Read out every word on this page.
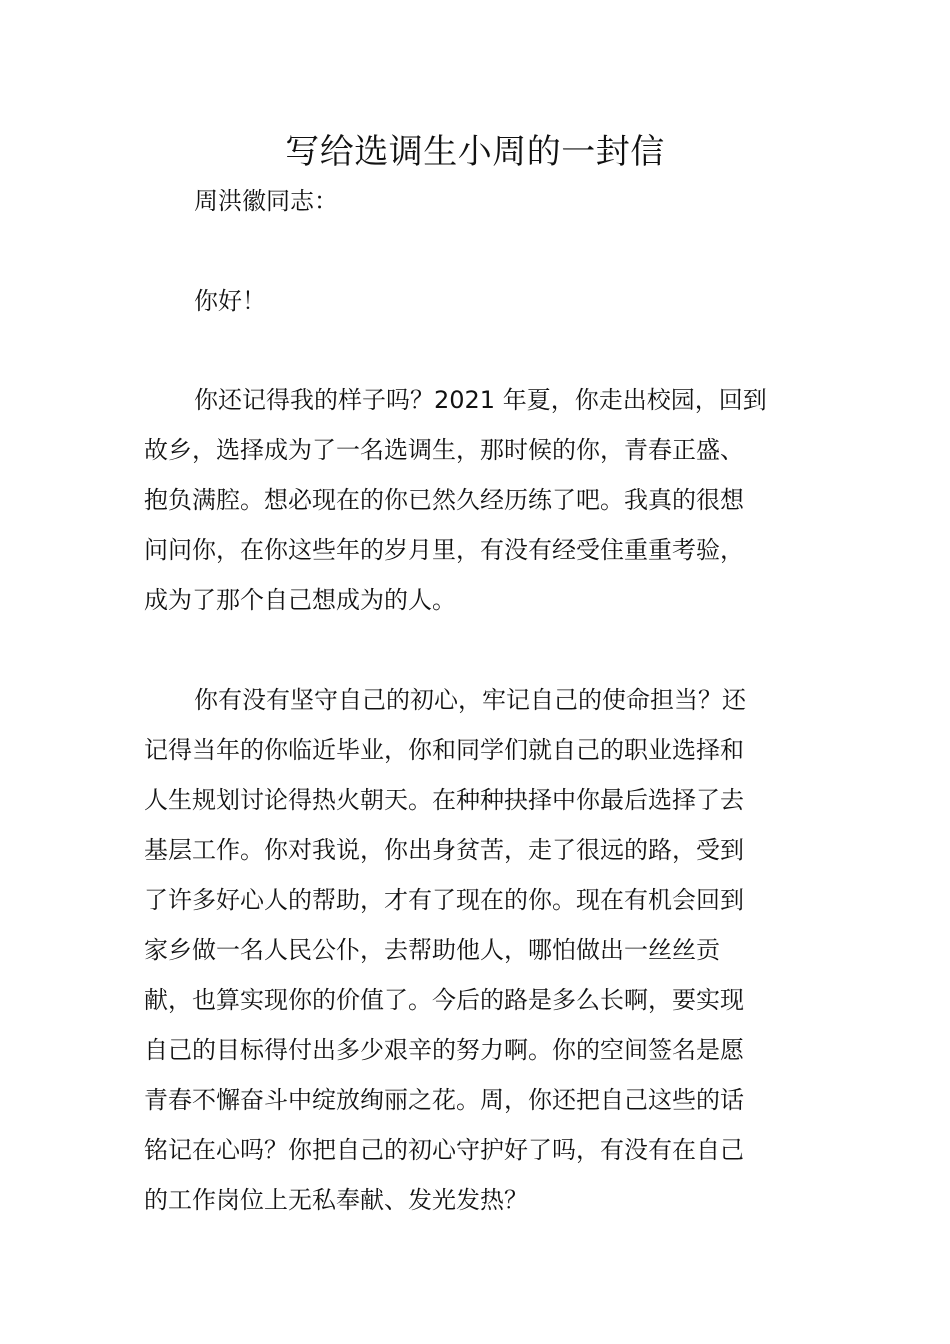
写给选调生小周的一封信

周洪徽同志：

你好！

你还记得我的样子吗？2021 年夏，你走出校园，回到
故乡，选择成为了一名选调生，那时候的你，青春正盛、
抱负满腔。想必现在的你已然久经历练了吧。我真的很想
问问你，在你这些年的岁月里，有没有经受住重重考验，
成为了那个自己想成为的人。
你有没有坚守自己的初心，牢记自己的使命担当？还
记得当年的你临近毕业，你和同学们就自己的职业选择和
人生规划讨论得热火朝天。在种种抉择中你最后选择了去
基层工作。你对我说，你出身贫苦，走了很远的路，受到
了许多好心人的帮助，才有了现在的你。现在有机会回到
家乡做一名人民公仆，去帮助他人，哪怕做出一丝丝贡
献，也算实现你的价值了。今后的路是多么长啊，要实现
自己的目标得付出多少艰辛的努力啊。你的空间签名是愿
青春不懈奋斗中绽放绚丽之花。周，你还把自己这些的话
铭记在心吗？你把自己的初心守护好了吗，有没有在自己
的工作岗位上无私奉献、发光发热？
